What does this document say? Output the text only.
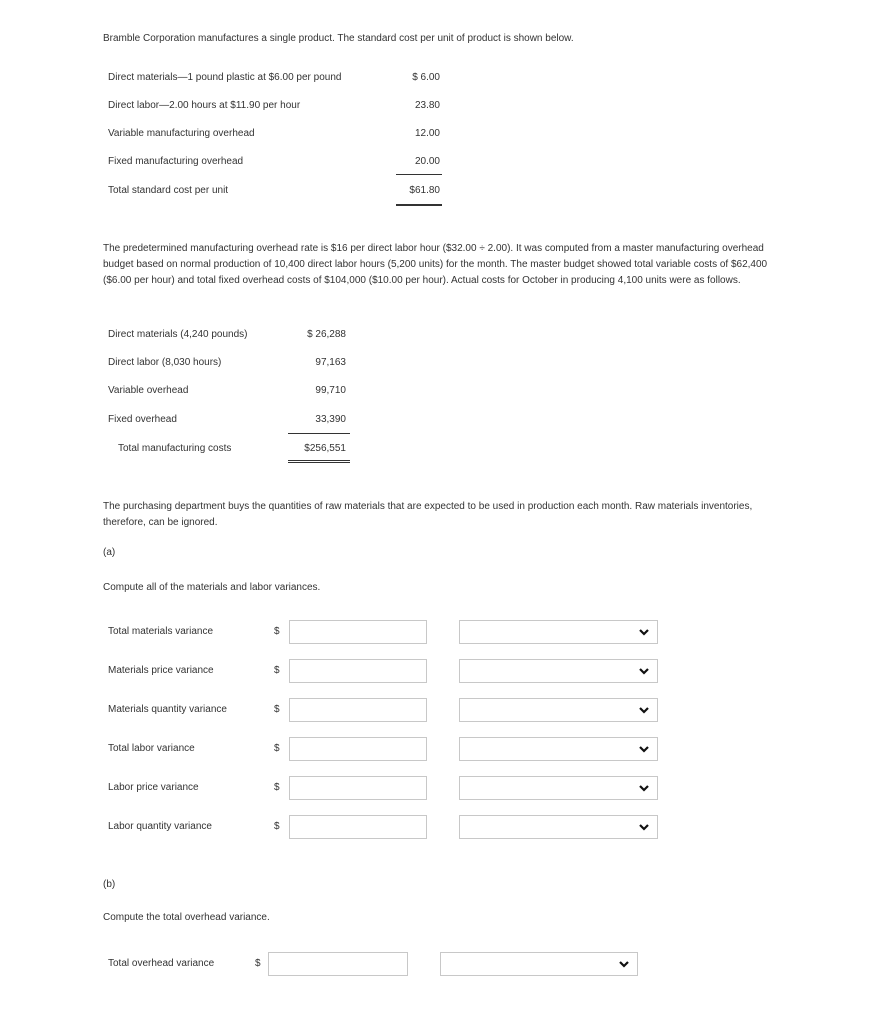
Bramble Corporation manufactures a single product. The standard cost per unit of product is shown below.
Direct materials—1 pound plastic at $6.00 per pound	$ 6.00
Direct labor—2.00 hours at $11.90 per hour	23.80
Variable manufacturing overhead	12.00
Fixed manufacturing overhead	20.00
Total standard cost per unit	$61.80
The predetermined manufacturing overhead rate is $16 per direct labor hour ($32.00 ÷ 2.00). It was computed from a master manufacturing overhead budget based on normal production of 10,400 direct labor hours (5,200 units) for the month. The master budget showed total variable costs of $62,400 ($6.00 per hour) and total fixed overhead costs of $104,000 ($10.00 per hour). Actual costs for October in producing 4,100 units were as follows.
Direct materials (4,240 pounds)	$ 26,288
Direct labor (8,030 hours)	97,163
Variable overhead	99,710
Fixed overhead	33,390
Total manufacturing costs	$256,551
The purchasing department buys the quantities of raw materials that are expected to be used in production each month. Raw materials inventories, therefore, can be ignored.
(a)
Compute all of the materials and labor variances.
Total materials variance	$
Materials price variance	$
Materials quantity variance	$
Total labor variance	$
Labor price variance	$
Labor quantity variance	$
(b)
Compute the total overhead variance.
Total overhead variance	$
